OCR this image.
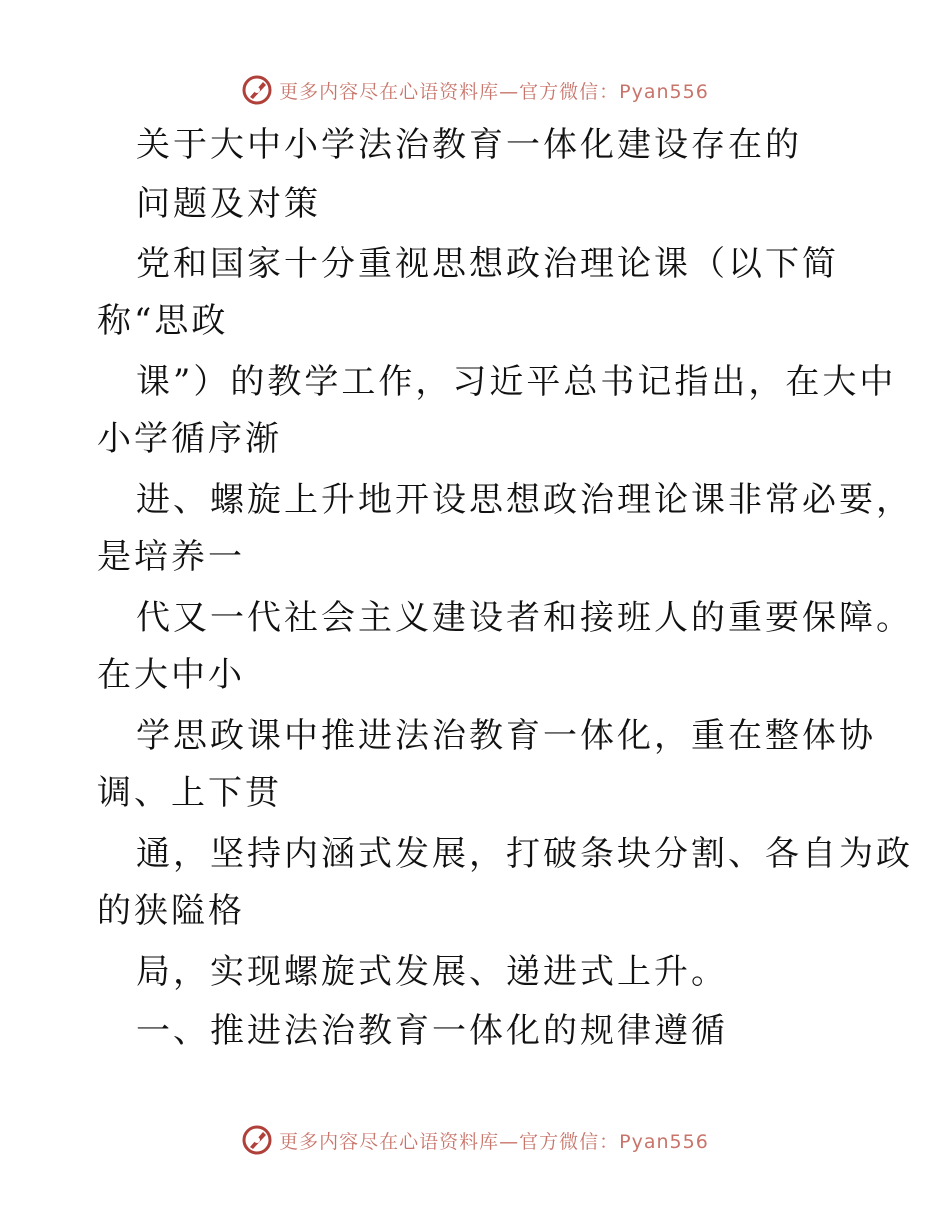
更多内容尽在心语资料库—官方微信：Pyan556
关于大中小学法治教育一体化建设存在的
问题及对策
党和国家十分重视思想政治理论课（以下简
称“思政
课”）的教学工作，习近平总书记指出，在大中
小学循序渐
进、螺旋上升地开设思想政治理论课非常必要，
是培养一
代又一代社会主义建设者和接班人的重要保障。
在大中小
学思政课中推进法治教育一体化，重在整体协
调、上下贯
通，坚持内涵式发展，打破条块分割、各自为政
的狭隘格
局，实现螺旋式发展、递进式上升。
一、推进法治教育一体化的规律遵循
更多内容尽在心语资料库—官方微信：Pyan556
